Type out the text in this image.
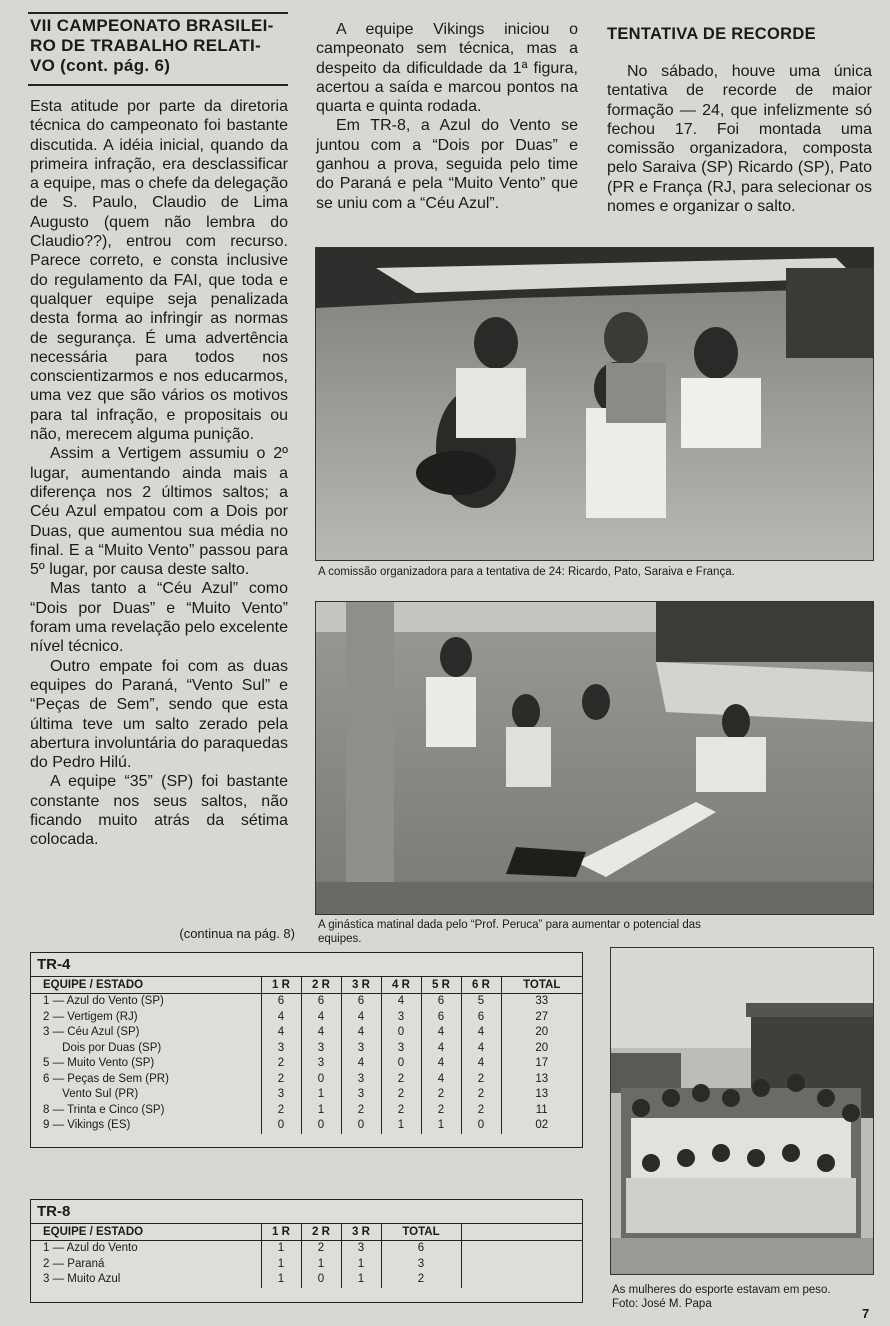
VII CAMPEONATO BRASILEI-
RO DE TRABALHO RELATI-
VO (cont. pág. 6)

Esta atitude por parte da diretoria técnica do campeonato foi bastante discutida. A idéia inicial, quando da primeira infração, era desclassificar a equipe, mas o chefe da delegação de S. Paulo, Claudio de Lima Augusto (quem não lembra do Claudio??), entrou com recurso. Parece correto, e consta inclusive do regulamento da FAI, que toda e qualquer equipe seja penalizada desta forma ao infringir as normas de segurança. É uma advertência necessária para todos nos conscientizarmos e nos educarmos, uma vez que são vários os motivos para tal infração, e propositais ou não, merecem alguma punição.

Assim a Vertigem assumiu o 2º lugar, aumentando ainda mais a diferença nos 2 últimos saltos; a Céu Azul empatou com a Dois por Duas, que aumentou sua média no final. E a “Muito Vento” passou para 5º lugar, por causa deste salto.

Mas tanto a “Céu Azul” como “Dois por Duas” e “Muito Vento” foram uma revelação pelo excelente nível técnico.

Outro empate foi com as duas equipes do Paraná, “Vento Sul” e “Peças de Sem”, sendo que esta última teve um salto zerado pela abertura involuntária do paraquedas do Pedro Hilú.

A equipe “35” (SP) foi bastante constante nos seus saltos, não ficando muito atrás da sétima colocada.

(continua na pág. 8)

A equipe Vikings iniciou o campeonato sem técnica, mas a despeito da dificuldade da 1ª figura, acertou a saída e marcou pontos na quarta e quinta rodada.

Em TR-8, a Azul do Vento se juntou com a “Dois por Duas” e ganhou a prova, seguida pelo time do Paraná e pela “Muito Vento” que se uniu com a “Céu Azul”.

TENTATIVA DE RECORDE

No sábado, houve uma única tentativa de recorde de maior formação — 24, que infelizmente só fechou 17. Foi montada uma comissão organizadora, composta pelo Saraiva (SP) Ricardo (SP), Pato (PR e França (RJ, para selecionar os nomes e organizar o salto.

A comissão organizadora para a tentativa de 24: Ricardo, Pato, Saraiva e França.
A ginástica matinal dada pelo “Prof. Peruca” para aumentar o potencial das equipes.
As mulheres do esporte estavam em peso.
Foto: José M. Papa
TR-4
EQUIPE / ESTADO	1 R	2 R	3 R	4 R	5 R	6 R	TOTAL
1 — Azul do Vento (SP)	6	6	6	4	6	5	33
2 — Vertigem (RJ)	4	4	4	3	6	6	27
3 — Céu Azul (SP)	4	4	4	0	4	4	20
Dois por Duas (SP)	3	3	3	3	4	4	20
5 — Muito Vento (SP)	2	3	4	0	4	4	17
6 — Peças de Sem (PR)	2	0	3	2	4	2	13
Vento Sul (PR)	3	1	3	2	2	2	13
8 — Trinta e Cinco (SP)	2	1	2	2	2	2	11
9 — Vikings (ES)	0	0	0	1	1	0	02
TR-8
EQUIPE / ESTADO	1 R	2 R	3 R	TOTAL	
1 — Azul do Vento	1	2	3	6	
2 — Paraná	1	1	1	3	
3 — Muito Azul	1	0	1	2	
7
